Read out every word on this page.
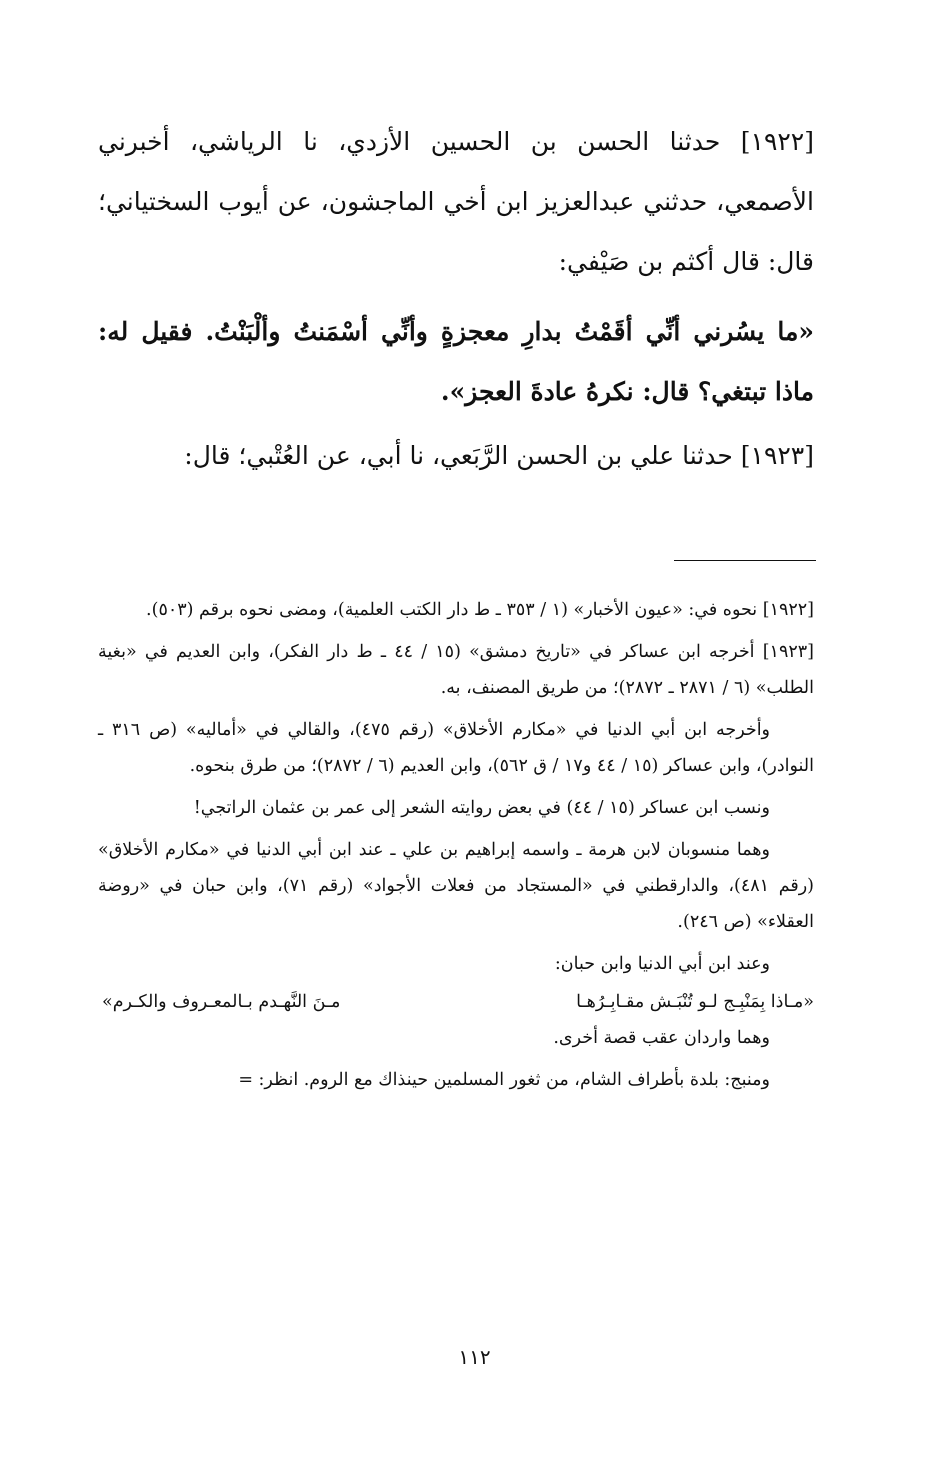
[١٩٢٢] حدثنا الحسن بن الحسين الأزدي، نا الرياشي، أخبرني الأصمعي، حدثني عبدالعزيز ابن أخي الماجشون، عن أيوب السختياني؛ قال: قال أكثم بن صَيْفي:

«ما يسُرني أنِّي أقَمْتُ بدارِ معجزةٍ وأنِّي أسْمَنتُ وألْبَنْتُ. فقيل له: ماذا تبتغي؟ قال: نكرهُ عادةَ العجز».

[١٩٢٣] حدثنا علي بن الحسن الرَّبَعي، نا أبي، عن العُتْبي؛ قال:

[١٩٢٢] نحوه في: «عيون الأخبار» (١ / ٣٥٣ ـ ط دار الكتب العلمية)، ومضى نحوه برقم (٥٠٣).

[١٩٢٣] أخرجه ابن عساكر في «تاريخ دمشق» (١٥ / ٤٤ ـ ط دار الفكر)، وابن العديم في «بغية الطلب» (٦ / ٢٨٧١ ـ ٢٨٧٢)؛ من طريق المصنف، به.

وأخرجه ابن أبي الدنيا في «مكارم الأخلاق» (رقم ٤٧٥)، والقالي في «أماليه» (ص ٣١٦ ـ النوادر)، وابن عساكر (١٥ / ٤٤ و١٧ / ق ٥٦٢)، وابن العديم (٦ / ٢٨٧٢)؛ من طرق بنحوه.

ونسب ابن عساكر (١٥ / ٤٤) في بعض روايته الشعر إلى عمر بن عثمان الراتجي!

وهما منسوبان لابن هرمة ـ واسمه إبراهيم بن علي ـ عند ابن أبي الدنيا في «مكارم الأخلاق» (رقم ٤٨١)، والدارقطني في «المستجاد من فعلات الأجواد» (رقم ٧١)، وابن حبان في «روضة العقلاء» (ص ٢٤٦).

وعند ابن أبي الدنيا وابن حبان:

«مـاذا بِمَنْبِـج لـو تُنْبَـش مقـابِـرُهـا
مـنَ النَّهـدم بـالمعـروف والكـرم»

وهما واردان عقب قصة أخرى.

ومنبج: بلدة بأطراف الشام، من ثغور المسلمين حينذاك مع الروم. انظر: =

١١٢
